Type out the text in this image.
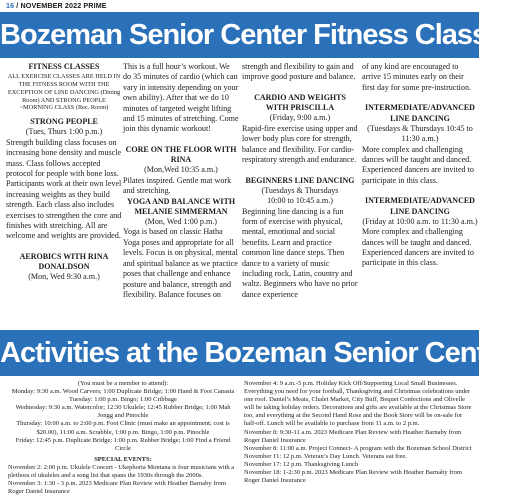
16 / NOVEMBER 2022 PRIME
Bozeman Senior Center Fitness Classes
FITNESS CLASSES
ALL EXERCISE CLASSES ARE HELD IN THE FITNESS ROOM WITH THE EXCEPTION OF LINE DANCING (Dining Room) AND STRONG PEOPLE ~MORNING CLASS (Rec. Room)
STRONG PEOPLE
(Tues, Thurs 1:00 p.m.)
Strength building class focuses on increasing bone density and muscle mass. Class follows accepted protocol for people with bone loss. Participants work at their own level increasing weights as they build strength. Each class also includes exercises to strengthen the core and finishes with stretching. All are welcome and weights are provided.
AEROBICS WITH RINA DONALDSON
(Mon, Wed 9:30 a.m.)
This is a full hour’s workout. We do 35 minutes of cardio (which can vary in intensity depending on your own ability). After that we do 10 minutes of targeted weight lifting and 15 minutes of stretching. Come join this dynamic workout!
CORE ON THE FLOOR WITH RINA
(Mon,Wed 10:35 a.m.)
Pilates inspired. Gentle mat work and stretching.
YOGA AND BALANCE WITH MELANIE SIMMERMAN
(Mon, Wed 1:00 p.m.)
Yoga is based on classic Hatha Yoga poses and appropriate for all levels. Focus is on physical, mental and spiritual balance as we practice poses that challenge and enhance posture and balance, strength and flexibility. Balance focuses on
strength and flexibility to gain and improve good posture and balance.
CARDIO AND WEIGHTS WITH PRISCILLA
(Friday, 9:00 a.m.)
Rapid-fire exercise using upper and lower body plus core for strength, balance and flexibility. For cardio-respiratory strength and endurance.
BEGINNERS LINE DANCING
(Tuesdays & Thursdays
10:00 to 10:45 a.m.)
Beginning line dancing is a fun form of exercise with physical, mental, emotional and social benefits. Learn and practice common line dance steps. Then dance to a variety of music including rock, Latin, country and waltz. Beginners who have no prior dance experience
of any kind are encouraged to arrive 15 minutes early on their first day for some pre-instruction.
INTERMEDIATE/ADVANCED LINE DANCING
(Tuesdays & Thursdays 10:45 to 11:30 a.m.)
More complex and challenging dances will be taught and danced. Experienced dancers are invited to participate in this class.
INTERMEDIATE/ADVANCED LINE DANCING
(Friday at 10:00 a.m. to 11:30 a.m.)
More complex and challenging dances will be taught and danced. Experienced dancers are invited to participate in this class.
Activities at the Bozeman Senior Center
(You must be a member to attend):
Monday: 9:30 a.m. Wood Carvers; 1:00 Duplicate Bridge; 1:00 Hand & Foot Canasta
Tuesday: 1:00 p.m. Bingo; 1:00 Cribbage
Wednesday: 9:30 a.m. Watercolor; 12:30 Ukulele; 12:45 Rubber Bridge; 1:00 Mah Jongg and Pinochle
Thursday: 10:00 a.m. to 2:00 p.m. Foot Clinic (must make an appointment; cost is $20.00), 11:00 a.m. Scrabble, 1:00 p.m. Bingo, 1:00 p.m. Pinochle
Friday: 12:45 p.m. Duplicate Bridge; 1:00 p.m. Rubber Bridge; 1:00 Find a Friend Circle
SPECIAL EVENTS:
November 2: 2:00 p.m. Ukulele Concert - Ukephoria Montana is four musicians with a plethora of ukuleles and a song list that spans the 1930s through the 2000s.
November 3: 1:30 - 3 p.m. 2023 Medicare Plan Review with Heather Barnaby from Roger Daniel Insurance
November 4: 9 a.m.-5 p.m. Holiday Kick Off/Supporting Local Small Businesses. Everything you need for your football, Thanksgiving and Christmas celebrations under one roof. Daniel’s Meats, Chalet Market, City Buff, Bequet Confections and Olivelle will be taking holiday orders. Decorations and gifts are available at the Christmas Store too, and everything at the Second Hand Rose and the Book Store will be on-sale for half-off. Lunch will be available to purchase from 11 a.m. to 2 p.m.
November 8: 9:30-11 a.m. 2023 Medicare Plan Review with Heather Barnaby from Roger Daniel Insurance
November 8: 11:00 a.m. Project Connect- A program with the Bozeman School District
November 11: 12 p.m. Veteran’s Day Lunch. Veterans eat free.
November 17: 12 p.m. Thanksgiving Lunch
November 18: 1-2:30 p.m. 2023 Medicare Plan Review with Heather Barnaby from Roger Daniel Insurance
